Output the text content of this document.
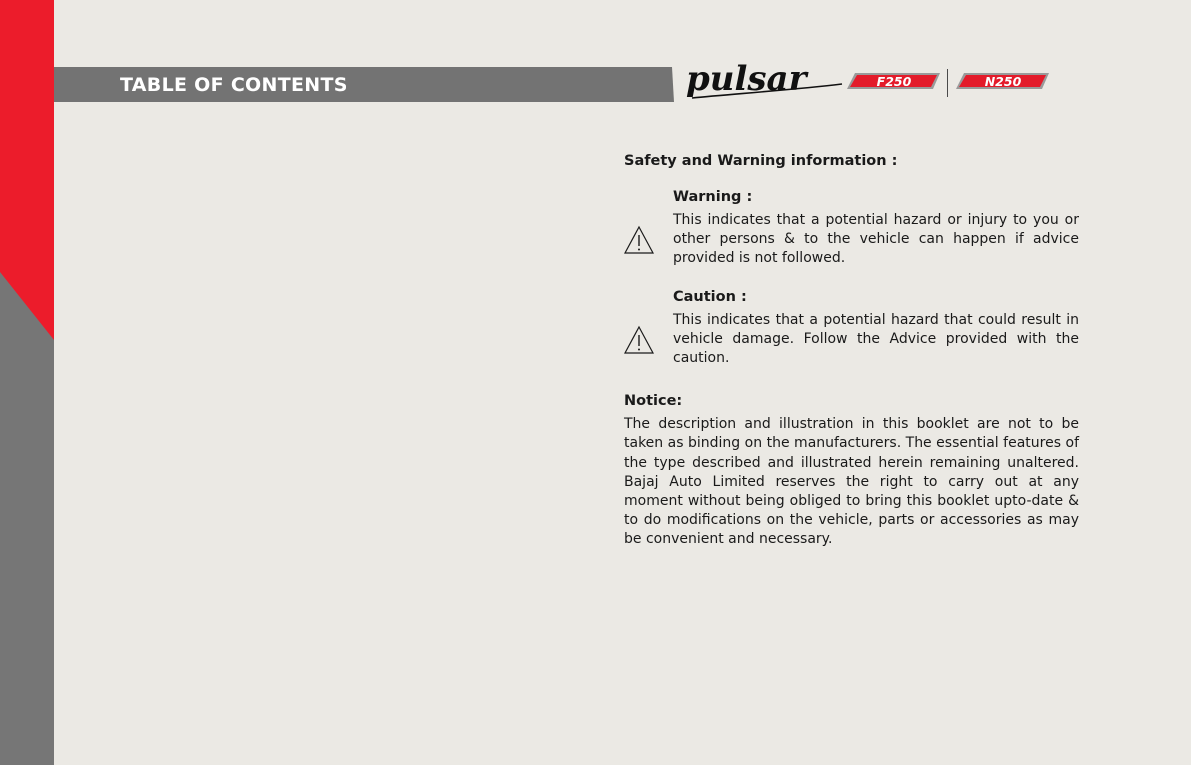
TABLE OF CONTENTS	pulsar	F250	N250
Safety and Warning information :
Warning :
This indicates that a potential hazard or injury to you or other persons & to the vehicle can happen if advice provided is not followed.
Caution :
This indicates that a potential hazard that could result in vehicle damage. Follow the Advice provided with the caution.
Notice:
The description and illustration in this booklet are not to be taken as binding on the manufacturers. The essential features of the type described and illustrated herein remaining unaltered. Bajaj Auto Limited reserves the right to carry out at any moment without being obliged to bring this booklet upto-date & to do modifications on the vehicle, parts or accessories as may be convenient and necessary.
